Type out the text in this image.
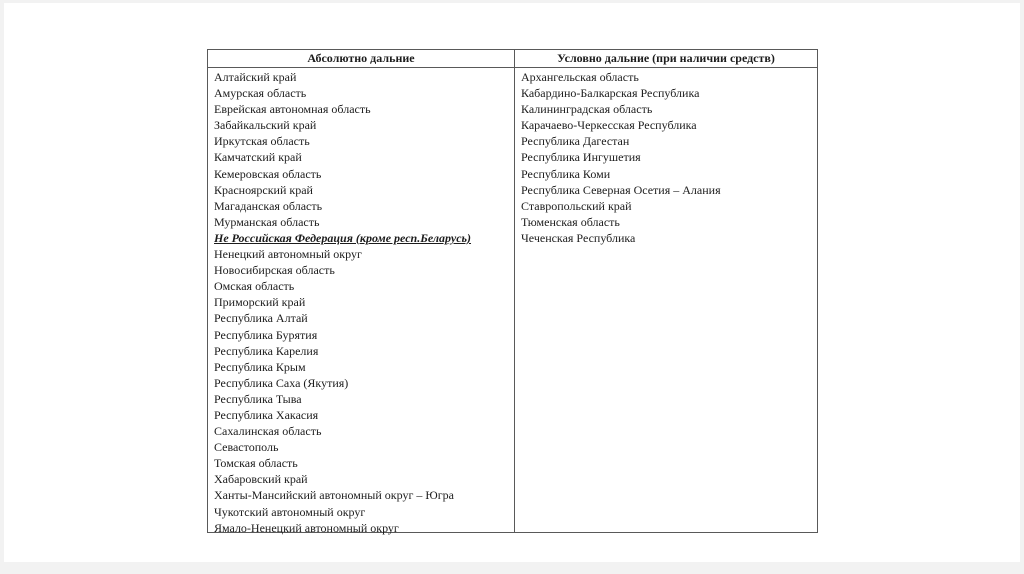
Абсолютно дальние	Условно дальние (при наличии средств)
Алтайский край
Амурская область
Еврейская автономная область
Забайкальский край
Иркутская область
Камчатский край
Кемеровская область
Красноярский край
Магаданская область
Мурманская область
Не Российская Федерация (кроме респ.Беларусь)
Ненецкий автономный округ
Новосибирская область
Омская область
Приморский край
Республика Алтай
Республика Бурятия
Республика Карелия
Республика Крым
Республика Саха (Якутия)
Республика Тыва
Республика Хакасия
Сахалинская область
Севастополь
Томская область
Хабаровский край
Ханты-Мансийский автономный округ – Югра
Чукотский автономный округ
Ямало-Ненецкий автономный округ
Архангельская область
Кабардино-Балкарская Республика
Калининградская область
Карачаево-Черкесская Республика
Республика Дагестан
Республика Ингушетия
Республика Коми
Республика Северная Осетия – Алания
Ставропольский край
Тюменская область
Чеченская Республика
